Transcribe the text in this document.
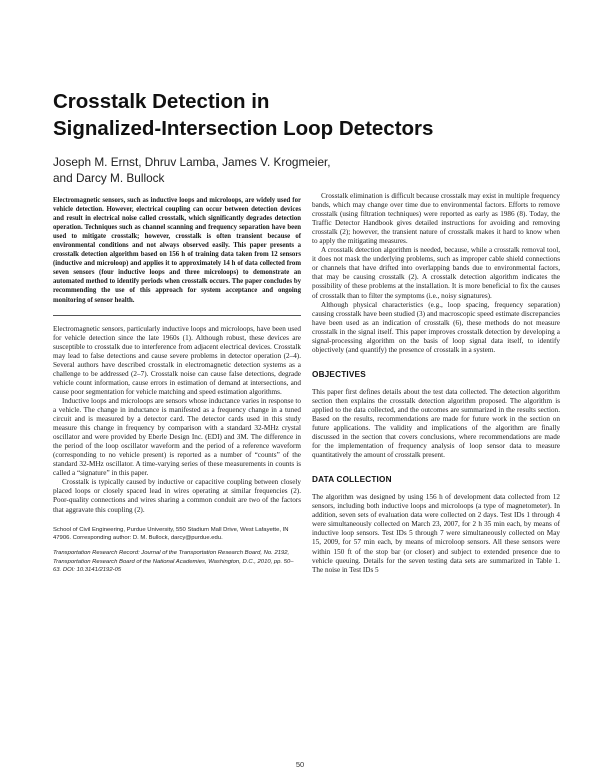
Crosstalk Detection in
Signalized-Intersection Loop Detectors
Joseph M. Ernst, Dhruv Lamba, James V. Krogmeier,
and Darcy M. Bullock

Electromagnetic sensors, such as inductive loops and microloops, are widely used for vehicle detection. However, electrical coupling can occur between detection devices and result in electrical noise called crosstalk, which significantly degrades detection operation. Techniques such as channel scanning and frequency separation have been used to mitigate crosstalk; however, crosstalk is often transient because of environmental conditions and not always observed easily. This paper presents a crosstalk detection algorithm based on 156 h of training data taken from 12 sensors (inductive and microloop) and applies it to approximately 14 h of data collected from seven sensors (four inductive loops and three microloops) to demonstrate an automated method to identify periods when crosstalk occurs. The paper concludes by recommending the use of this approach for system acceptance and ongoing monitoring of sensor health.

Electromagnetic sensors, particularly inductive loops and microloops, have been used for vehicle detection since the late 1960s (1). Although robust, these devices are susceptible to crosstalk due to interference from adjacent electrical devices. Crosstalk may lead to false detections and cause severe problems in detector operation (2–4). Several authors have described crosstalk in electromagnetic detection systems as a challenge to be addressed (2–7). Crosstalk noise can cause false detections, degrade vehicle count information, cause errors in estimation of demand at intersections, and cause poor segmentation for vehicle matching and speed estimation algorithms.

Inductive loops and microloops are sensors whose inductance varies in response to a vehicle. The change in inductance is manifested as a frequency change in a tuned circuit and is measured by a detector card. The detector cards used in this study measure this change in frequency by comparison with a standard 32-MHz crystal oscillator and were provided by Eberle Design Inc. (EDI) and 3M. The difference in the period of the loop oscillator waveform and the period of a reference waveform (corresponding to no vehicle present) is reported as a number of “counts” of the standard 32-MHz oscillator. A time-varying series of these measurements in counts is called a “signature” in this paper.

Crosstalk is typically caused by inductive or capacitive coupling between closely placed loops or closely spaced lead in wires operating at similar frequencies (2). Poor-quality connections and wires sharing a common conduit are two of the factors that aggravate this coupling (2).

School of Civil Engineering, Purdue University, 550 Stadium Mall Drive, West Lafayette, IN 47906. Corresponding author: D. M. Bullock, darcy@purdue.edu.
Transportation Research Record: Journal of the Transportation Research Board, No. 2192, Transportation Research Board of the National Academies, Washington, D.C., 2010, pp. 50–63. DOI: 10.3141/2192-05

Crosstalk elimination is difficult because crosstalk may exist in multiple frequency bands, which may change over time due to environmental factors. Efforts to remove crosstalk (using filtration techniques) were reported as early as 1986 (8). Today, the Traffic Detector Handbook gives detailed instructions for avoiding and removing crosstalk (2); however, the transient nature of crosstalk makes it hard to know when to apply the mitigating measures.

A crosstalk detection algorithm is needed, because, while a crosstalk removal tool, it does not mask the underlying problems, such as improper cable shield connections or channels that have drifted into overlapping bands due to environmental factors, that may be causing crosstalk (2). A crosstalk detection algorithm indicates the possibility of these problems at the installation. It is more beneficial to fix the causes of crosstalk than to filter the symptoms (i.e., noisy signatures).

Although physical characteristics (e.g., loop spacing, frequency separation) causing crosstalk have been studied (3) and macroscopic speed estimate discrepancies have been used as an indication of crosstalk (6), these methods do not measure crosstalk in the signal itself. This paper improves crosstalk detection by developing a signal-processing algorithm on the basis of loop signal data itself, to identify objectively (and quantify) the presence of crosstalk in a system.

OBJECTIVES

This paper first defines details about the test data collected. The detection algorithm section then explains the crosstalk detection algorithm proposed. The algorithm is applied to the data collected, and the outcomes are summarized in the results section. Based on the results, recommendations are made for future work in the section on future applications. The validity and implications of the algorithm are finally discussed in the section that covers conclusions, where recommendations are made for the implementation of frequency analysis of loop sensor data to measure quantitatively the amount of crosstalk present.

DATA COLLECTION

The algorithm was designed by using 156 h of development data collected from 12 sensors, including both inductive loops and microloops (a type of magnetometer). In addition, seven sets of evaluation data were collected on 2 days. Test IDs 1 through 4 were simultaneously collected on March 23, 2007, for 2 h 35 min each, by means of inductive loop sensors. Test IDs 5 through 7 were simultaneously collected on May 15, 2009, for 57 min each, by means of microloop sensors. All these sensors were within 150 ft of the stop bar (or closer) and subject to extended presence due to vehicle queuing. Details for the seven testing data sets are summarized in Table 1. The noise in Test IDs 5

50
